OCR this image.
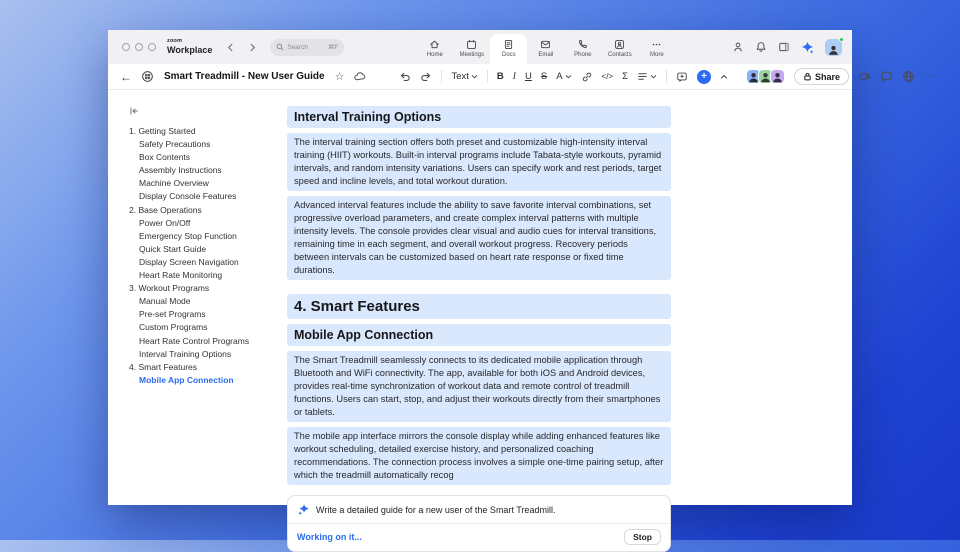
zoom
Workplace	Search	⌘F
Home	Meetings	Docs	Email	Phone	Contacts	More
←	Smart Treadmill - New User Guide ☆	Text	B I U S A	</> Σ	+	Share	···
1. Getting Started
Safety Precautions
Box Contents
Assembly Instructions
Machine Overview
Display Console Features
2. Base Operations
Power On/Off
Emergency Stop Function
Quick Start Guide
Display Screen Navigation
Heart Rate Monitoring
3. Workout Programs
Manual Mode
Pre-set Programs
Custom Programs
Heart Rate Control Programs
Interval Training Options
4. Smart Features
Mobile App Connection
Interval Training Options
The interval training section offers both preset and customizable high-intensity interval training (HIIT) workouts. Built-in interval programs include Tabata-style workouts, pyramid intervals, and random intensity variations. Users can specify work and rest periods, target speed and incline levels, and total workout duration.
Advanced interval features include the ability to save favorite interval combinations, set progressive overload parameters, and create complex interval patterns with multiple intensity levels. The console provides clear visual and audio cues for interval transitions, remaining time in each segment, and overall workout progress. Recovery periods between intervals can be customized based on heart rate response or fixed time durations.
4. Smart Features
Mobile App Connection
The Smart Treadmill seamlessly connects to its dedicated mobile application through Bluetooth and WiFi connectivity. The app, available for both iOS and Android devices, provides real-time synchronization of workout data and remote control of treadmill functions. Users can start, stop, and adjust their workouts directly from their smartphones or tablets.
The mobile app interface mirrors the console display while adding enhanced features like workout scheduling, detailed exercise history, and personalized coaching recommendations. The connection process involves a simple one-time pairing setup, after which the treadmill automatically recog
Write a detailed guide for a new user of the Smart Treadmill.
Working on it...	Stop
